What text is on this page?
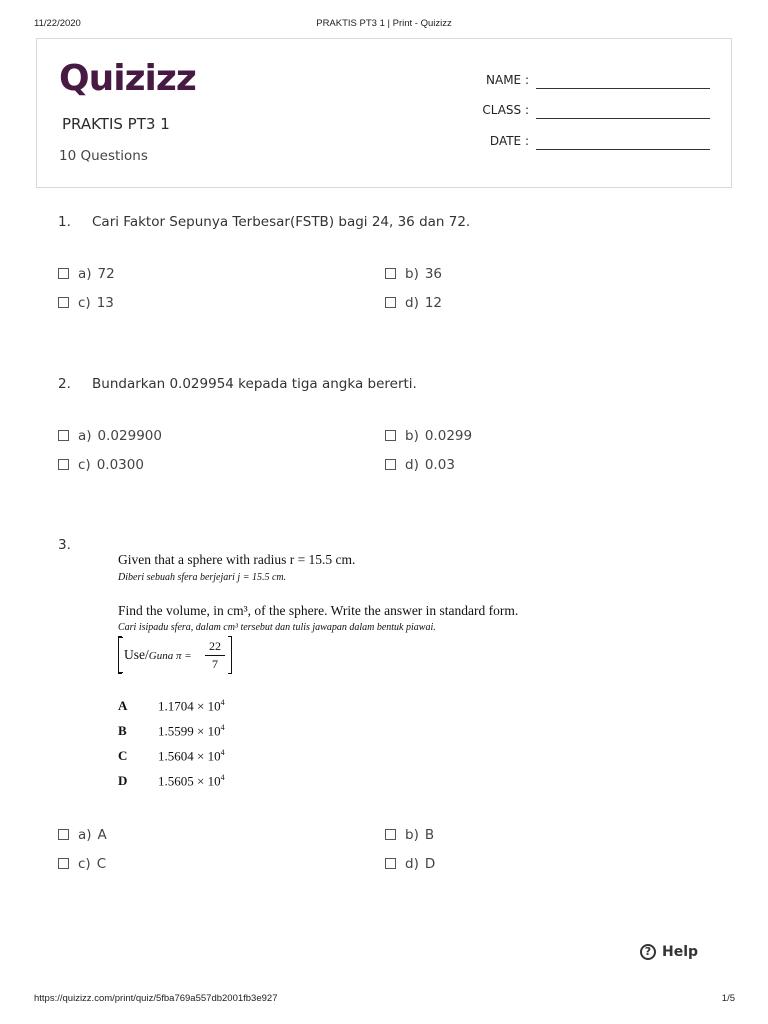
11/22/2020	PRAKTIS PT3 1 | Print - Quizizz
Quizizz
PRAKTIS PT3 1
10 Questions
NAME :
CLASS :
DATE :
1. Cari Faktor Sepunya Terbesar(FSTB) bagi 24, 36 dan 72.
a) 72	b) 36
c) 13	d) 12
2. Bundarkan 0.029954 kepada tiga angka bererti.
a) 0.029900	b) 0.0299
c) 0.0300	d) 0.03
3.
Given that a sphere with radius r = 15.5 cm.
Diberi sebuah sfera berjejari j = 15.5 cm.
Find the volume, in cm³, of the sphere. Write the answer in standard form.
Cari isipadu sfera, dalam cm³ tersebut dan tulis jawapan dalam bentuk piawai.
Use/Guna $\pi = \frac{22}{7}$
A $1.1704 \times 10^4$
B $1.5599 \times 10^4$
C $1.5604 \times 10^4$
D $1.5605 \times 10^4$
a) A	b) B
c) C	d) D
? Help
https://quizizz.com/print/quiz/5fba769a557db2001fb3e927	1/5
